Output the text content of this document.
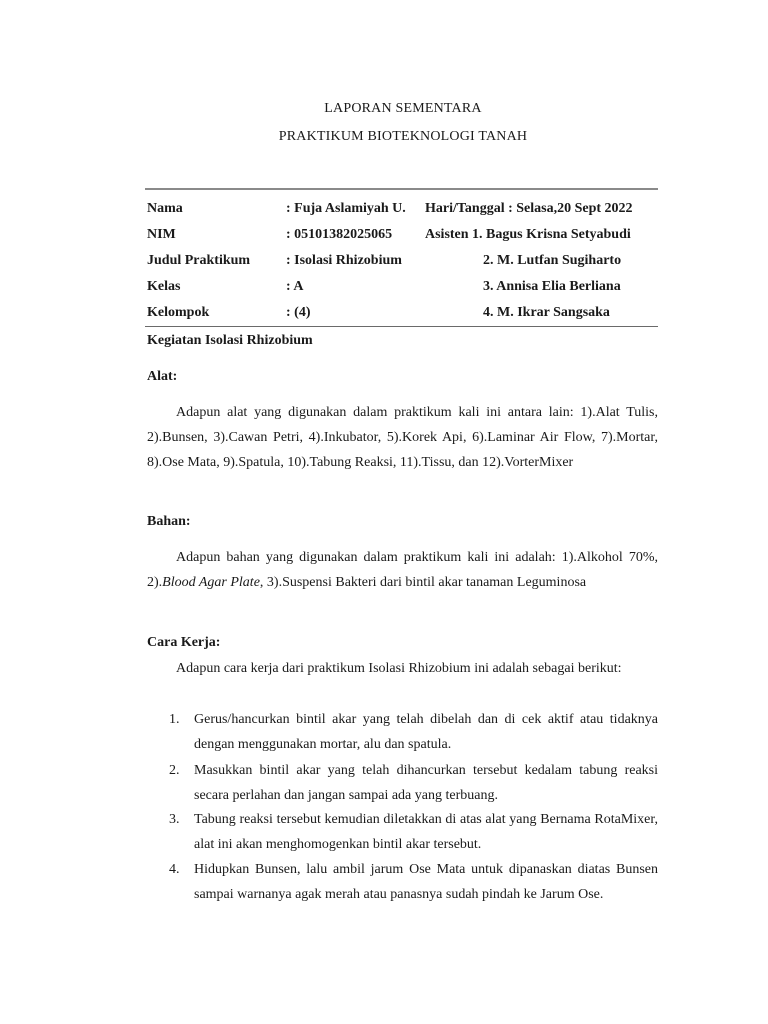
LAPORAN SEMENTARA
PRAKTIKUM BIOTEKNOLOGI TANAH
Nama	: Fuja Aslamiyah U. Hari/Tanggal : Selasa,20 Sept 2022
NIM	: 05101382025065 Asisten 1. Bagus Krisna Setyabudi
Judul Praktikum	: Isolasi Rhizobium	2. M. Lutfan Sugiharto
Kelas	: A	3. Annisa Elia Berliana
Kelompok	: (4)	4. M. Ikrar Sangsaka
Kegiatan Isolasi Rhizobium
Alat:
Adapun alat yang digunakan dalam praktikum kali ini antara lain: 1).Alat Tulis, 2).Bunsen, 3).Cawan Petri, 4).Inkubator, 5).Korek Api, 6).Laminar Air Flow, 7).Mortar, 8).Ose Mata, 9).Spatula, 10).Tabung Reaksi, 11).Tissu, dan 12).VorterMixer
Bahan:
Adapun bahan yang digunakan dalam praktikum kali ini adalah: 1).Alkohol 70%, 2).Blood Agar Plate, 3).Suspensi Bakteri dari bintil akar tanaman Leguminosa
Cara Kerja:
Adapun cara kerja dari praktikum Isolasi Rhizobium ini adalah sebagai berikut:
1. Gerus/hancurkan bintil akar yang telah dibelah dan di cek aktif atau tidaknya dengan menggunakan mortar, alu dan spatula.
2. Masukkan bintil akar yang telah dihancurkan tersebut kedalam tabung reaksi secara perlahan dan jangan sampai ada yang terbuang.
3. Tabung reaksi tersebut kemudian diletakkan di atas alat yang Bernama RotaMixer, alat ini akan menghomogenkan bintil akar tersebut.
4. Hidupkan Bunsen, lalu ambil jarum Ose Mata untuk dipanaskan diatas Bunsen sampai warnanya agak merah atau panasnya sudah pindah ke Jarum Ose.
